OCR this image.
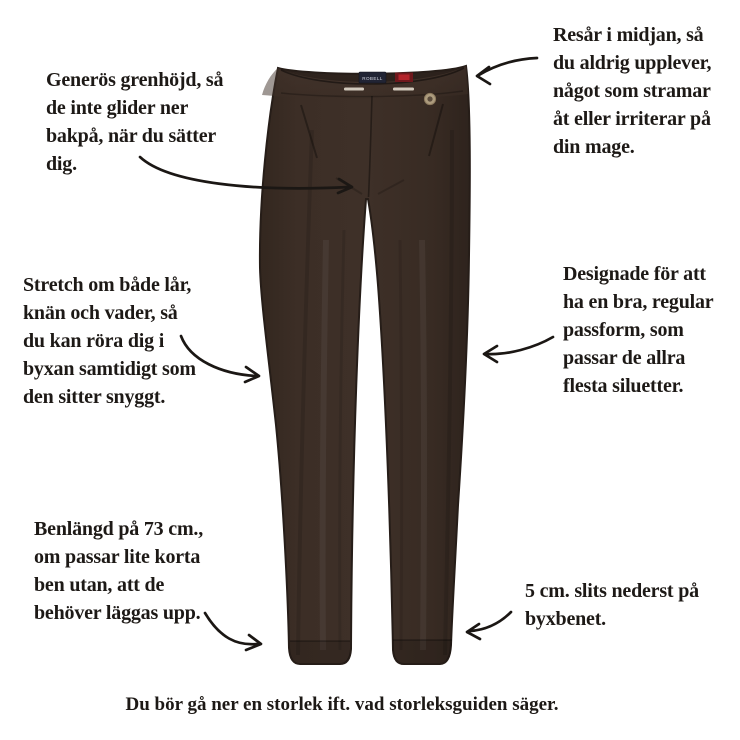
ROBELL
Generös grenhöjd, så
de inte glider ner
bakpå, när du sätter
dig.
Resår i midjan, så
du aldrig upplever,
något som stramar
åt eller irriterar på
din mage.
Stretch om både lår,
knän och vader, så
du kan röra dig i
byxan samtidigt som
den sitter snyggt.
Designade för att
ha en bra, regular
passform, som
passar de allra
flesta siluetter.
Benlängd på 73 cm.,
om passar lite korta
ben utan, att de
behöver läggas upp.
5 cm. slits nederst på
byxbenet.
Du bör gå ner en storlek ift. vad storleksguiden säger.
